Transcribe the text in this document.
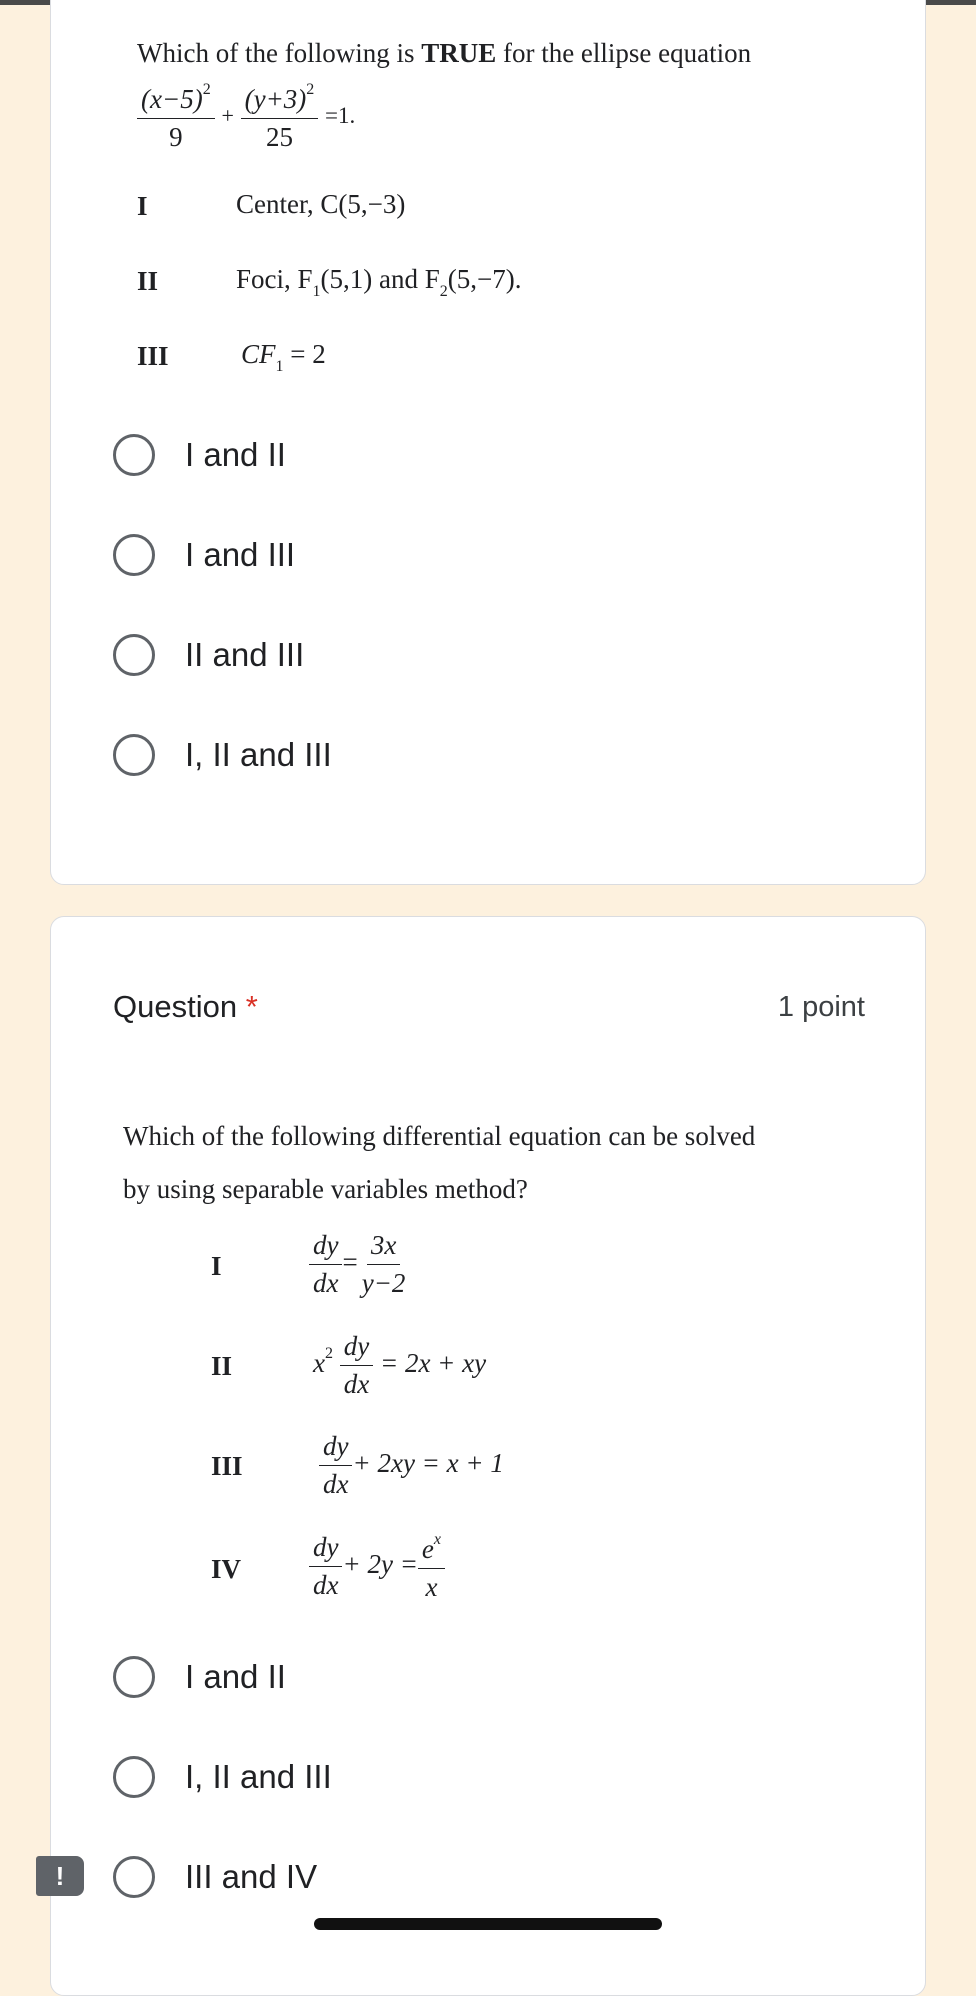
Which of the following is TRUE for the ellipse equation
$\frac{(x-5)^2}{9} + \frac{(y+3)^2}{25} =1$.
I	Center, C(5,−3)
II	Foci, $F_1(5,1)$ and $F_2(5,-7)$.
III	$CF_1 = 2$
I and II
I and III
II and III
I, II and III
Question *	1 point
Which of the following differential equation can be solved
by using separable variables method?
I	$\frac{dy}{dx} = \frac{3x}{y-2}$
II	$x^2 \frac{dy}{dx} = 2x$ + xy
III	$\frac{dy}{dx} + 2xy = x + 1$
IV	$\frac{dy}{dx} + 2y = \frac{e^x}{x}$
I and II
I, II and III
III and IV
!
